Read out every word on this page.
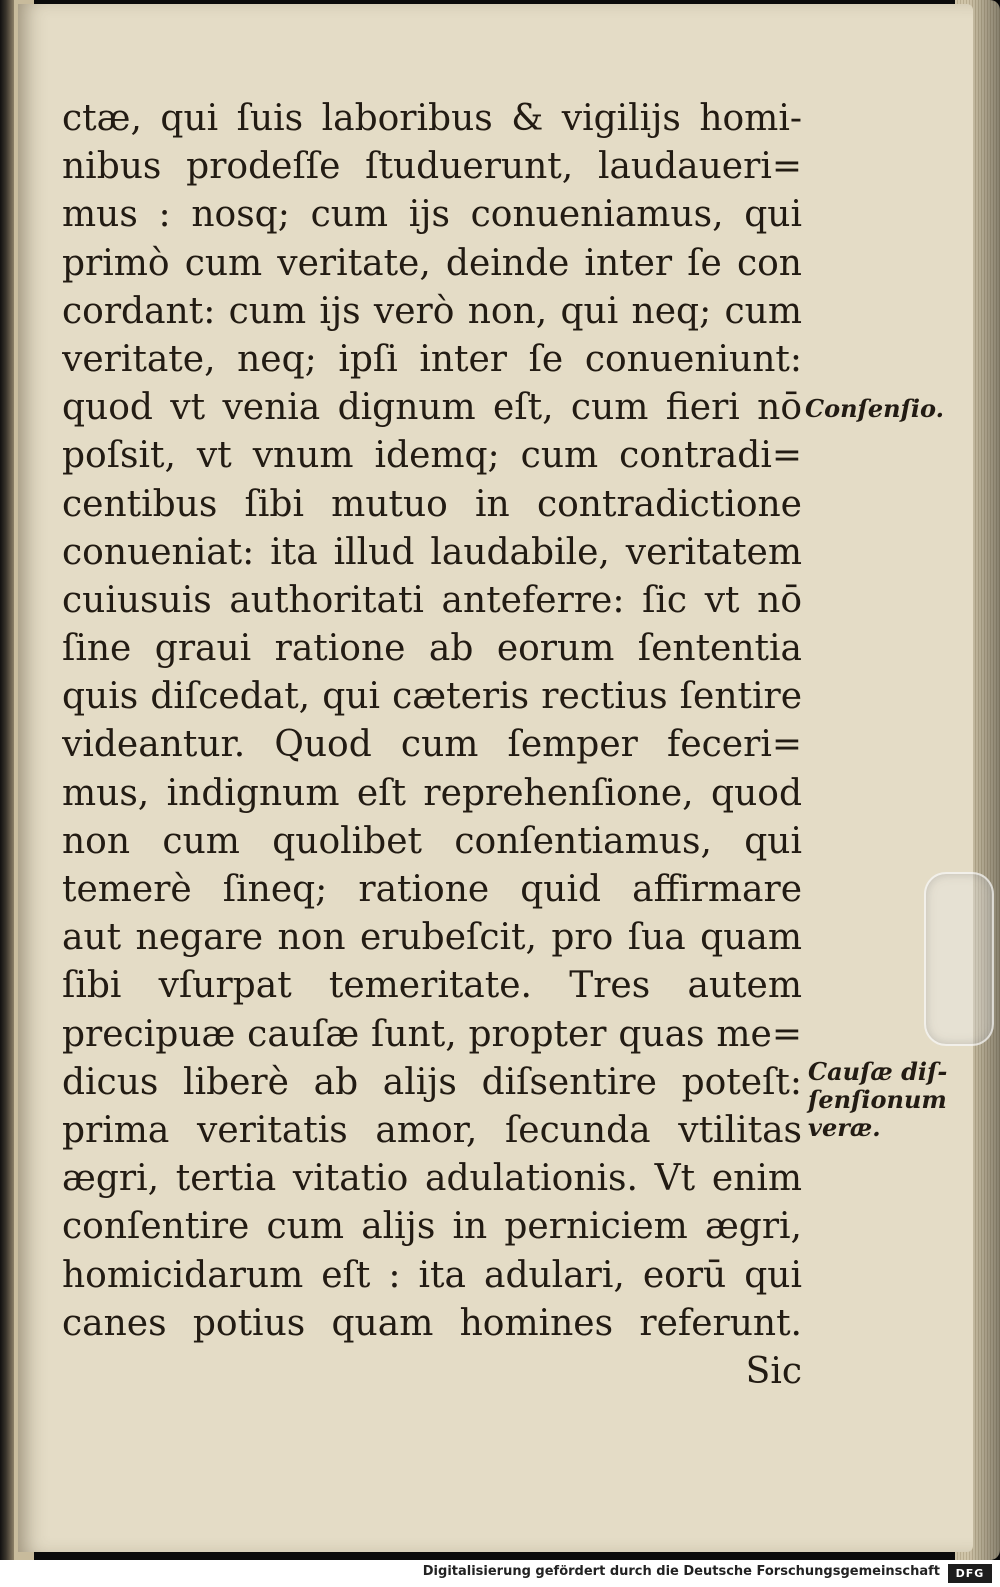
ctæ, qui ſuis laboribus & vigilijs homi-
nibus prodeſſe ſtuduerunt, laudaueri=
mus : nosq; cum ijs conueniamus, qui
primò cum veritate, deinde inter ſe con
cordant: cum ijs verò non, qui neq; cum
veritate, neq; ipſi inter ſe conueniunt:
quod vt venia dignum eſt, cum fieri nō
poſsit, vt vnum idemq; cum contradi=
centibus ſibi mutuo in contradictione
conueniat: ita illud laudabile, veritatem
cuiusuis authoritati anteferre: ſic vt nō
ſine graui ratione ab eorum ſententia
quis diſcedat, qui cæteris rectius ſentire
videantur. Quod cum ſemper feceri=
mus, indignum eſt reprehenſione, quod
non cum quolibet conſentiamus, qui
temerè ſineq; ratione quid affirmare
aut negare non erubeſcit, pro ſua quam
ſibi vſurpat temeritate. Tres autem
precipuæ cauſæ ſunt, propter quas me=
dicus liberè ab alijs diſsentire poteſt:
prima veritatis amor, ſecunda vtilitas
ægri, tertia vitatio adulationis. Vt enim
conſentire cum alijs in perniciem ægri,
homicidarum eſt : ita adulari, eorū qui
canes potius quam homines referunt.
Sic
Conſenſio.
Cauſæ diſ-
ſenſionum
veræ.
Digitalisierung gefördert durch die Deutsche Forschungsgemeinschaft	DFG
